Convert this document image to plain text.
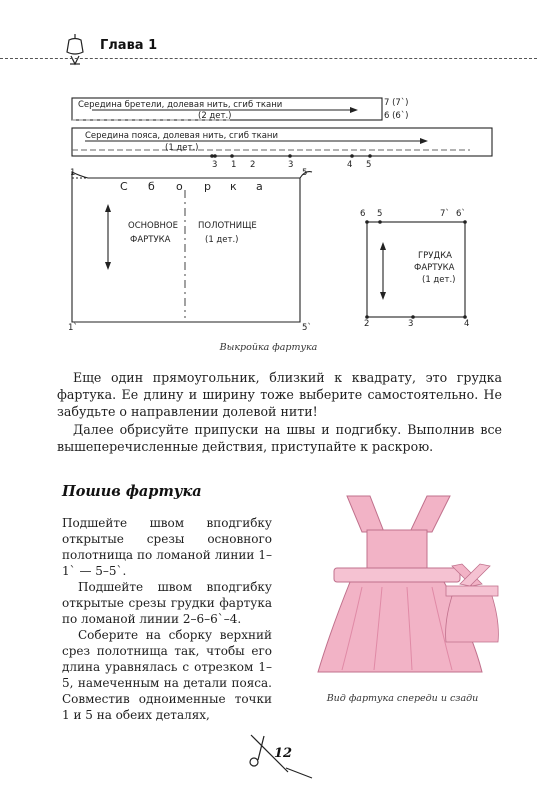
Глава 1
Середина бретели, долевая нить, сгиб ткани
(2 дет.)
7 (7`)
6 (6`)
Середина пояса, долевая нить, сгиб ткани
(1 дет.)
3 1 2	3	4 5
1	5
1`	5`
ОСНОВНОЕ
ФАРТУКА
ПОЛОТНИЩЕ
(1 дет.)
6 5	7` 6`
ГРУДКА
ФАРТУКА
(1 дет.)
2	3	4
С б о р к а
Выкройка фартука

Еще один прямоугольник, близкий к квадрату, это грудка фартука. Ее длину и ширину тоже выберите самостоятельно. Не забудьте о направлении долевой нити!

Далее обрисуйте припуски на швы и подгибку. Выполнив все вышеперечисленные действия, приступайте к раскрою.

Пошив фартука

Подшейте швом вподгибку открытые срезы основного полотнища по ломаной линии 1–1` — 5–5`.

Подшейте швом вподгибку открытые срезы грудки фартука по ломаной линии 2–6–6`–4.

Соберите на сборку верхний срез полотнища так, чтобы его длина уравнялась с отрезком 1–5, намеченным на детали пояса. Совместив одноименные точки 1 и 5 на обеих деталях,

Вид фартука спереди и сзади
12
